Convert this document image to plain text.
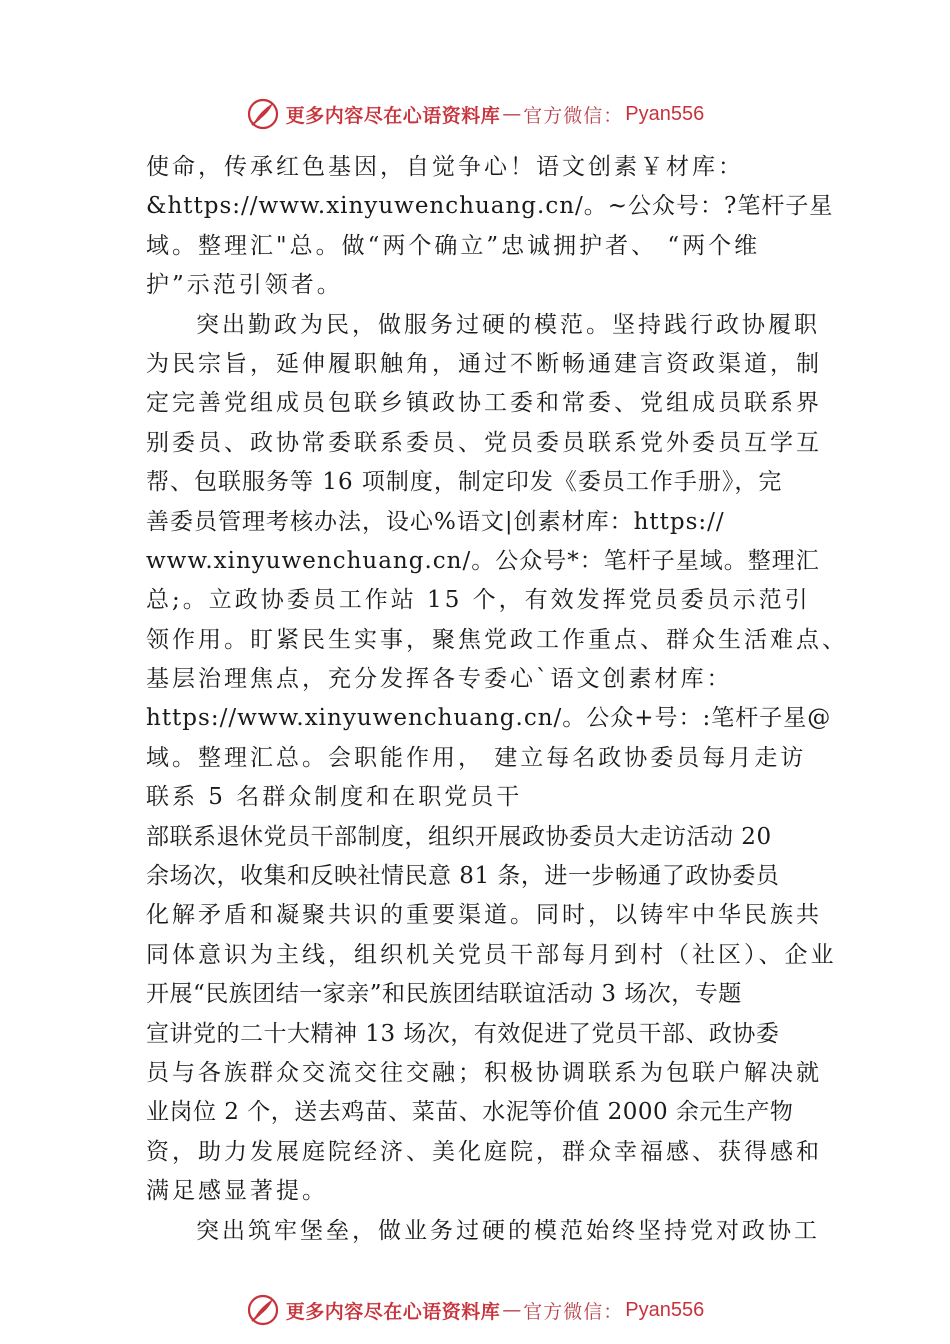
更多内容尽在心语资料库 — 官方微信： Pyan556
使命，传承红色基因，自觉争心！语文创素￥材库：
&https://www.xinyuwenchuang.cn/。~公众号：?笔杆子星
域。整理汇"总。做“两个确立”忠诚拥护者、 “两个维
护”示范引领者。
突出勤政为民，做服务过硬的模范。坚持践行政协履职
为民宗旨，延伸履职触角，通过不断畅通建言资政渠道，制
定完善党组成员包联乡镇政协工委和常委、党组成员联系界
别委员、政协常委联系委员、党员委员联系党外委员互学互
帮、包联服务等 16 项制度，制定印发《委员工作手册》，完
善委员管理考核办法，设心%语文|创素材库：https://
www.xinyuwenchuang.cn/。公众号*：笔杆子星域。整理汇
总;。立政协委员工作站 15 个，有效发挥党员委员示范引
领作用。盯紧民生实事，聚焦党政工作重点、群众生活难点、
基层治理焦点，充分发挥各专委心`语文创素材库：
https://www.xinyuwenchuang.cn/。公众+号：:笔杆子星@
域。整理汇总。会职能作用， 建立每名政协委员每月走访
联系 5 名群众制度和在职党员干
部联系退休党员干部制度，组织开展政协委员大走访活动 20
余场次，收集和反映社情民意 81 条，进一步畅通了政协委员
化解矛盾和凝聚共识的重要渠道。同时，以铸牢中华民族共
同体意识为主线，组织机关党员干部每月到村（社区）、企业
开展“民族团结一家亲”和民族团结联谊活动 3 场次，专题
宣讲党的二十大精神 13 场次，有效促进了党员干部、政协委
员与各族群众交流交往交融；积极协调联系为包联户解决就
业岗位 2 个，送去鸡苗、菜苗、水泥等价值 2000 余元生产物
资，助力发展庭院经济、美化庭院，群众幸福感、获得感和
满足感显著提。
突出筑牢堡垒，做业务过硬的模范始终坚持党对政协工
更多内容尽在心语资料库 — 官方微信： Pyan556
